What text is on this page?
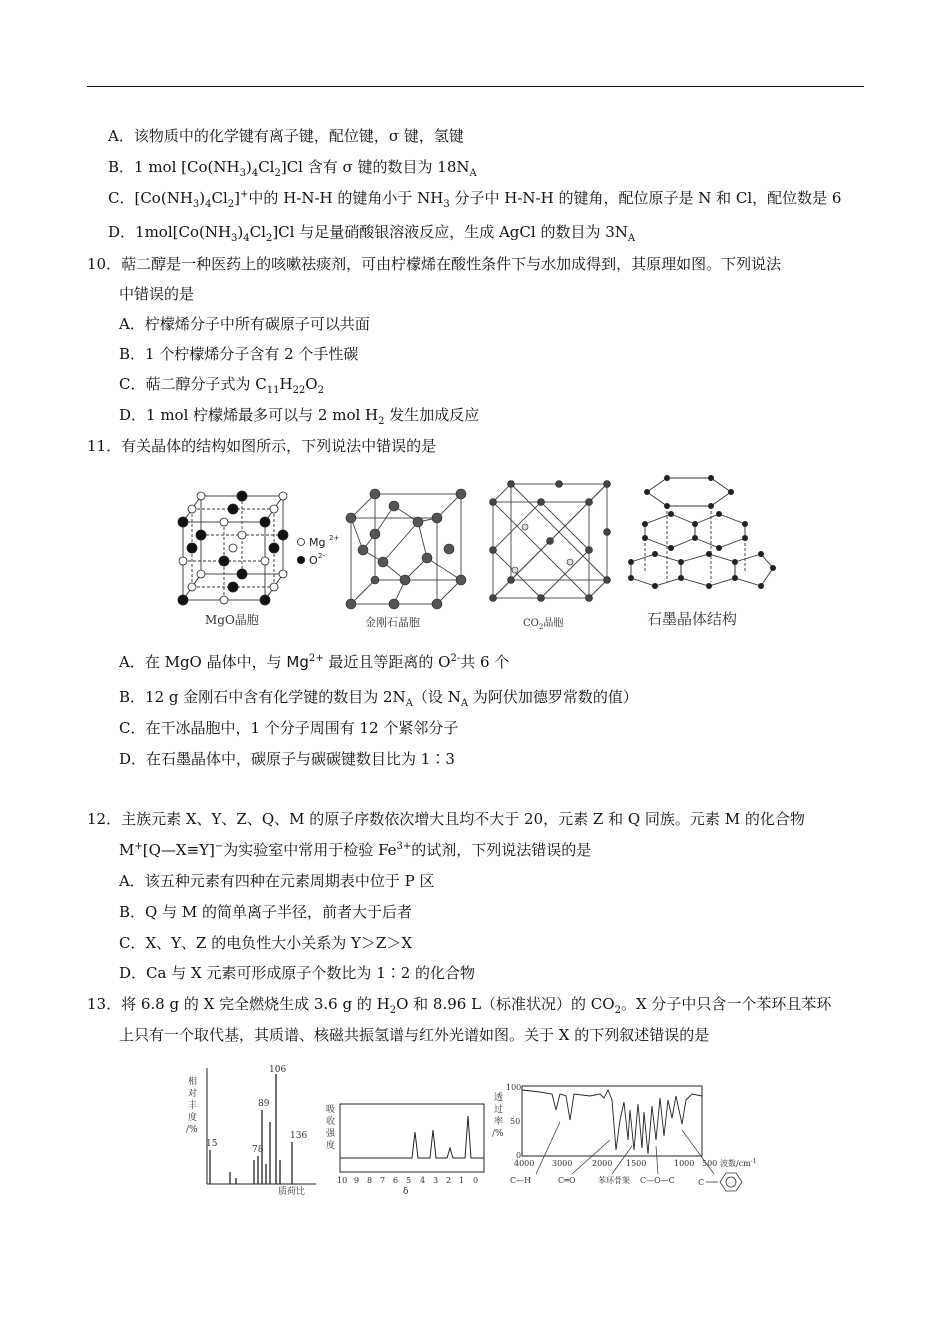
A．该物质中的化学键有离子键，配位键，σ 键，氢键
B．1 mol $[Co(NH_3)_4Cl_2]Cl$ 含有 σ 键的数目为 $18N_A$
C．$[Co(NH_3)_4Cl_2]^+$中的 H-N-H 的键角小于 $NH_3$ 分子中 H-N-H 的键角，配位原子是 N 和 Cl，配位数是 6
D．$1mol[Co(NH_3)_4Cl_2]Cl$ 与足量硝酸银溶液反应，生成 AgCl 的数目为 $3N_A$
10．萜二醇是一种医药上的咳嗽祛痰剂，可由柠檬烯在酸性条件下与水加成得到，其原理如图。下列说法
中错误的是
A．柠檬烯分子中所有碳原子可以共面
B．1 个柠檬烯分子含有 2 个手性碳
C．萜二醇分子式为 $C_{11}H_{22}O_2$
D．1 mol 柠檬烯最多可以与 2 mol $H_2$ 发生加成反应
11．有关晶体的结构如图所示，下列说法中错误的是
Mg 2+
O 2-
MgO晶胞	金刚石晶胞	$CO_2$晶胞	石墨晶体结构
A．在 MgO 晶体中，与 $Mg^{2+}$ 最近且等距离的 $O^{2-}$共 6 个
B．12 g 金刚石中含有化学键的数目为 $2N_A$（设 $N_A$ 为阿伏加德罗常数的值）
C．在干冰晶胞中，1 个分子周围有 12 个紧邻分子
D．在石墨晶体中，碳原子与碳碳键数目比为 1∶3
12．主族元素 X、Y、Z、Q、M 的原子序数依次增大且均不大于 20，元素 Z 和 Q 同族。元素 M 的化合物
M+[Q—X≡Y]−为实验室中常用于检验 $Fe^{3+}$的试剂，下列说法错误的是
A．该五种元素有四种在元素周期表中位于 P 区
B．Q 与 M 的简单离子半径，前者大于后者
C．X、Y、Z 的电负性大小关系为 Y＞Z＞X
D．Ca 与 X 元素可形成原子个数比为 1∶2 的化合物
13．将 6.8 g 的 X 完全燃烧生成 3.6 g 的 $H_2O$ 和 8.96 L（标准状况）的 $CO_2$。X 分子中只含一个苯环且苯环
上只有一个取代基，其质谱、核磁共振氢谱与红外光谱如图。关于 X 的下列叙述错误的是
相
对
丰
度
/%
15
78
89
106
136
质荷比
吸
收
强
度
10 9 8 7 6 5 4 3 2 1 0
δ
透
过
率
/%
100
50
0
4000 3000 2000 1500	1000 500 波数$/cm^{-1}$
C—H	C═O	苯环骨架 C—O—C	C
